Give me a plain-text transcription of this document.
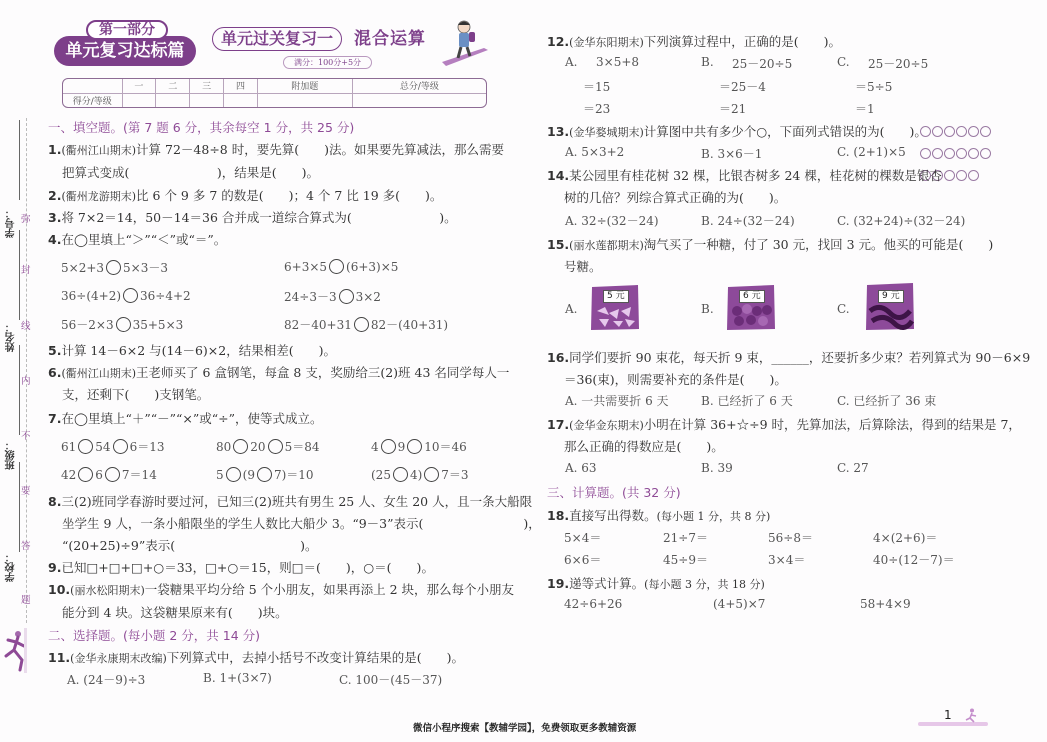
学号：
姓名：
班级：
学校：
弥
封
线
内
不
要
答
题
第一部分
单元复习达标篇
单元过关复习一	混合运算
满分：100分+5分
	一	二	三	四	附加题	总分/等级
得分/等级						
一、填空题。(第 7 题 6 分，其余每空 1 分，共 25 分)
1.(衢州江山期末)计算 72－48÷8 时，要先算(　　)法。如果要先算减法，那么需要
把算式变成(　　　　　　　)，结果是(　　)。
2.(衢州龙游期末)比 6 个 9 多 7 的数是(　　)；4 个 7 比 19 多(　　)。
3.将 7×2＝14，50－14＝36 合并成一道综合算式为(　　　　　　　)。
4.在◯里填上“＞”“＜”或“＝”。
5×2+3 5×3－3	6+3×5 (6+3)×5
36÷(4+2) 36÷4+2	24÷3－3 3×2
56－2×3 35+5×3	82－40+31 82－(40+31)
5.计算 14－6×2 与(14－6)×2，结果相差(　　)。
6.(衢州江山期末)王老师买了 6 盒钢笔，每盒 8 支，奖励给三(2)班 43 名同学每人一
支，还剩下(　　)支钢笔。
7.在◯里填上“＋”“－”“×”或“÷”，使等式成立。
61 54 6＝13	80 20 5＝84	4 9 10＝46
42 6 7＝14	5 (9 7)＝10	(25 4) 7＝3
8.三(2)班同学春游时要过河，已知三(2)班共有男生 25 人、女生 20 人，且一条大船限
坐学生 9 人，一条小船限坐的学生人数比大船少 3。“9－3”表示(　　　　　　　　)，
“(20+25)÷9”表示(　　　　　　　　　　)。
9.已知□+□+□+○＝33，□+○＝15，则□＝(　　)，○＝(　　)。
10.(丽水松阳期末)一袋糖果平均分给 5 个小朋友，如果再添上 2 块，那么每个小朋友
能分到 4 块。这袋糖果原来有(　　)块。
二、选择题。(每小题 2 分，共 14 分)
11.(金华永康期末改编)下列算式中，去掉小括号不改变计算结果的是(　　)。
A. (24－9)÷3	B. 1+(3×7)	C. 100－(45－37)
12.(金华东阳期末)下列演算过程中，正确的是(　　)。
A. 3×5+8
＝15
＝23
B. 25－20÷5
＝25－4
＝21
C. 25－20÷5
＝5÷5
＝1
13.(金华婺城期末)计算图中共有多少个○，下面列式错误的为(　　)。
A. 5×3+2	B. 3×6－1	C. (2+1)×5
14.某公园里有桂花树 32 棵，比银杏树多 24 棵，桂花树的棵数是银杏
树的几倍？列综合算式正确的为(　　)。
A. 32÷(32－24)	B. 24÷(32－24)	C. (32+24)÷(32－24)
15.(丽水莲都期末)淘气买了一种糖，付了 30 元，找回 3 元。他买的可能是(　　)
号糖。
A.	B.	C.
5 元	6 元	9 元
16.同学们要折 90 束花，每天折 9 束，______，还要折多少束？若列算式为 90－6×9
＝36(束)，则需要补充的条件是(　　)。
A. 一共需要折 6 天	B. 已经折了 6 天	C. 已经折了 36 束
17.(金华金东期末)小明在计算 36+☆÷9 时，先算加法，后算除法，得到的结果是 7，
那么正确的得数应是(　　)。
A. 63	B. 39	C. 27
三、计算题。(共 32 分)
18.直接写出得数。(每小题 1 分，共 8 分)
5×4＝	21÷7＝	56÷8＝	4×(2+6)＝
6×6＝	45÷9＝	3×4＝	40÷(12－7)＝
19.递等式计算。(每小题 3 分，共 18 分)
42÷6+26	(4+5)×7	58+4×9
微信小程序搜索【教辅学园】，免费领取更多教辅资源
1
